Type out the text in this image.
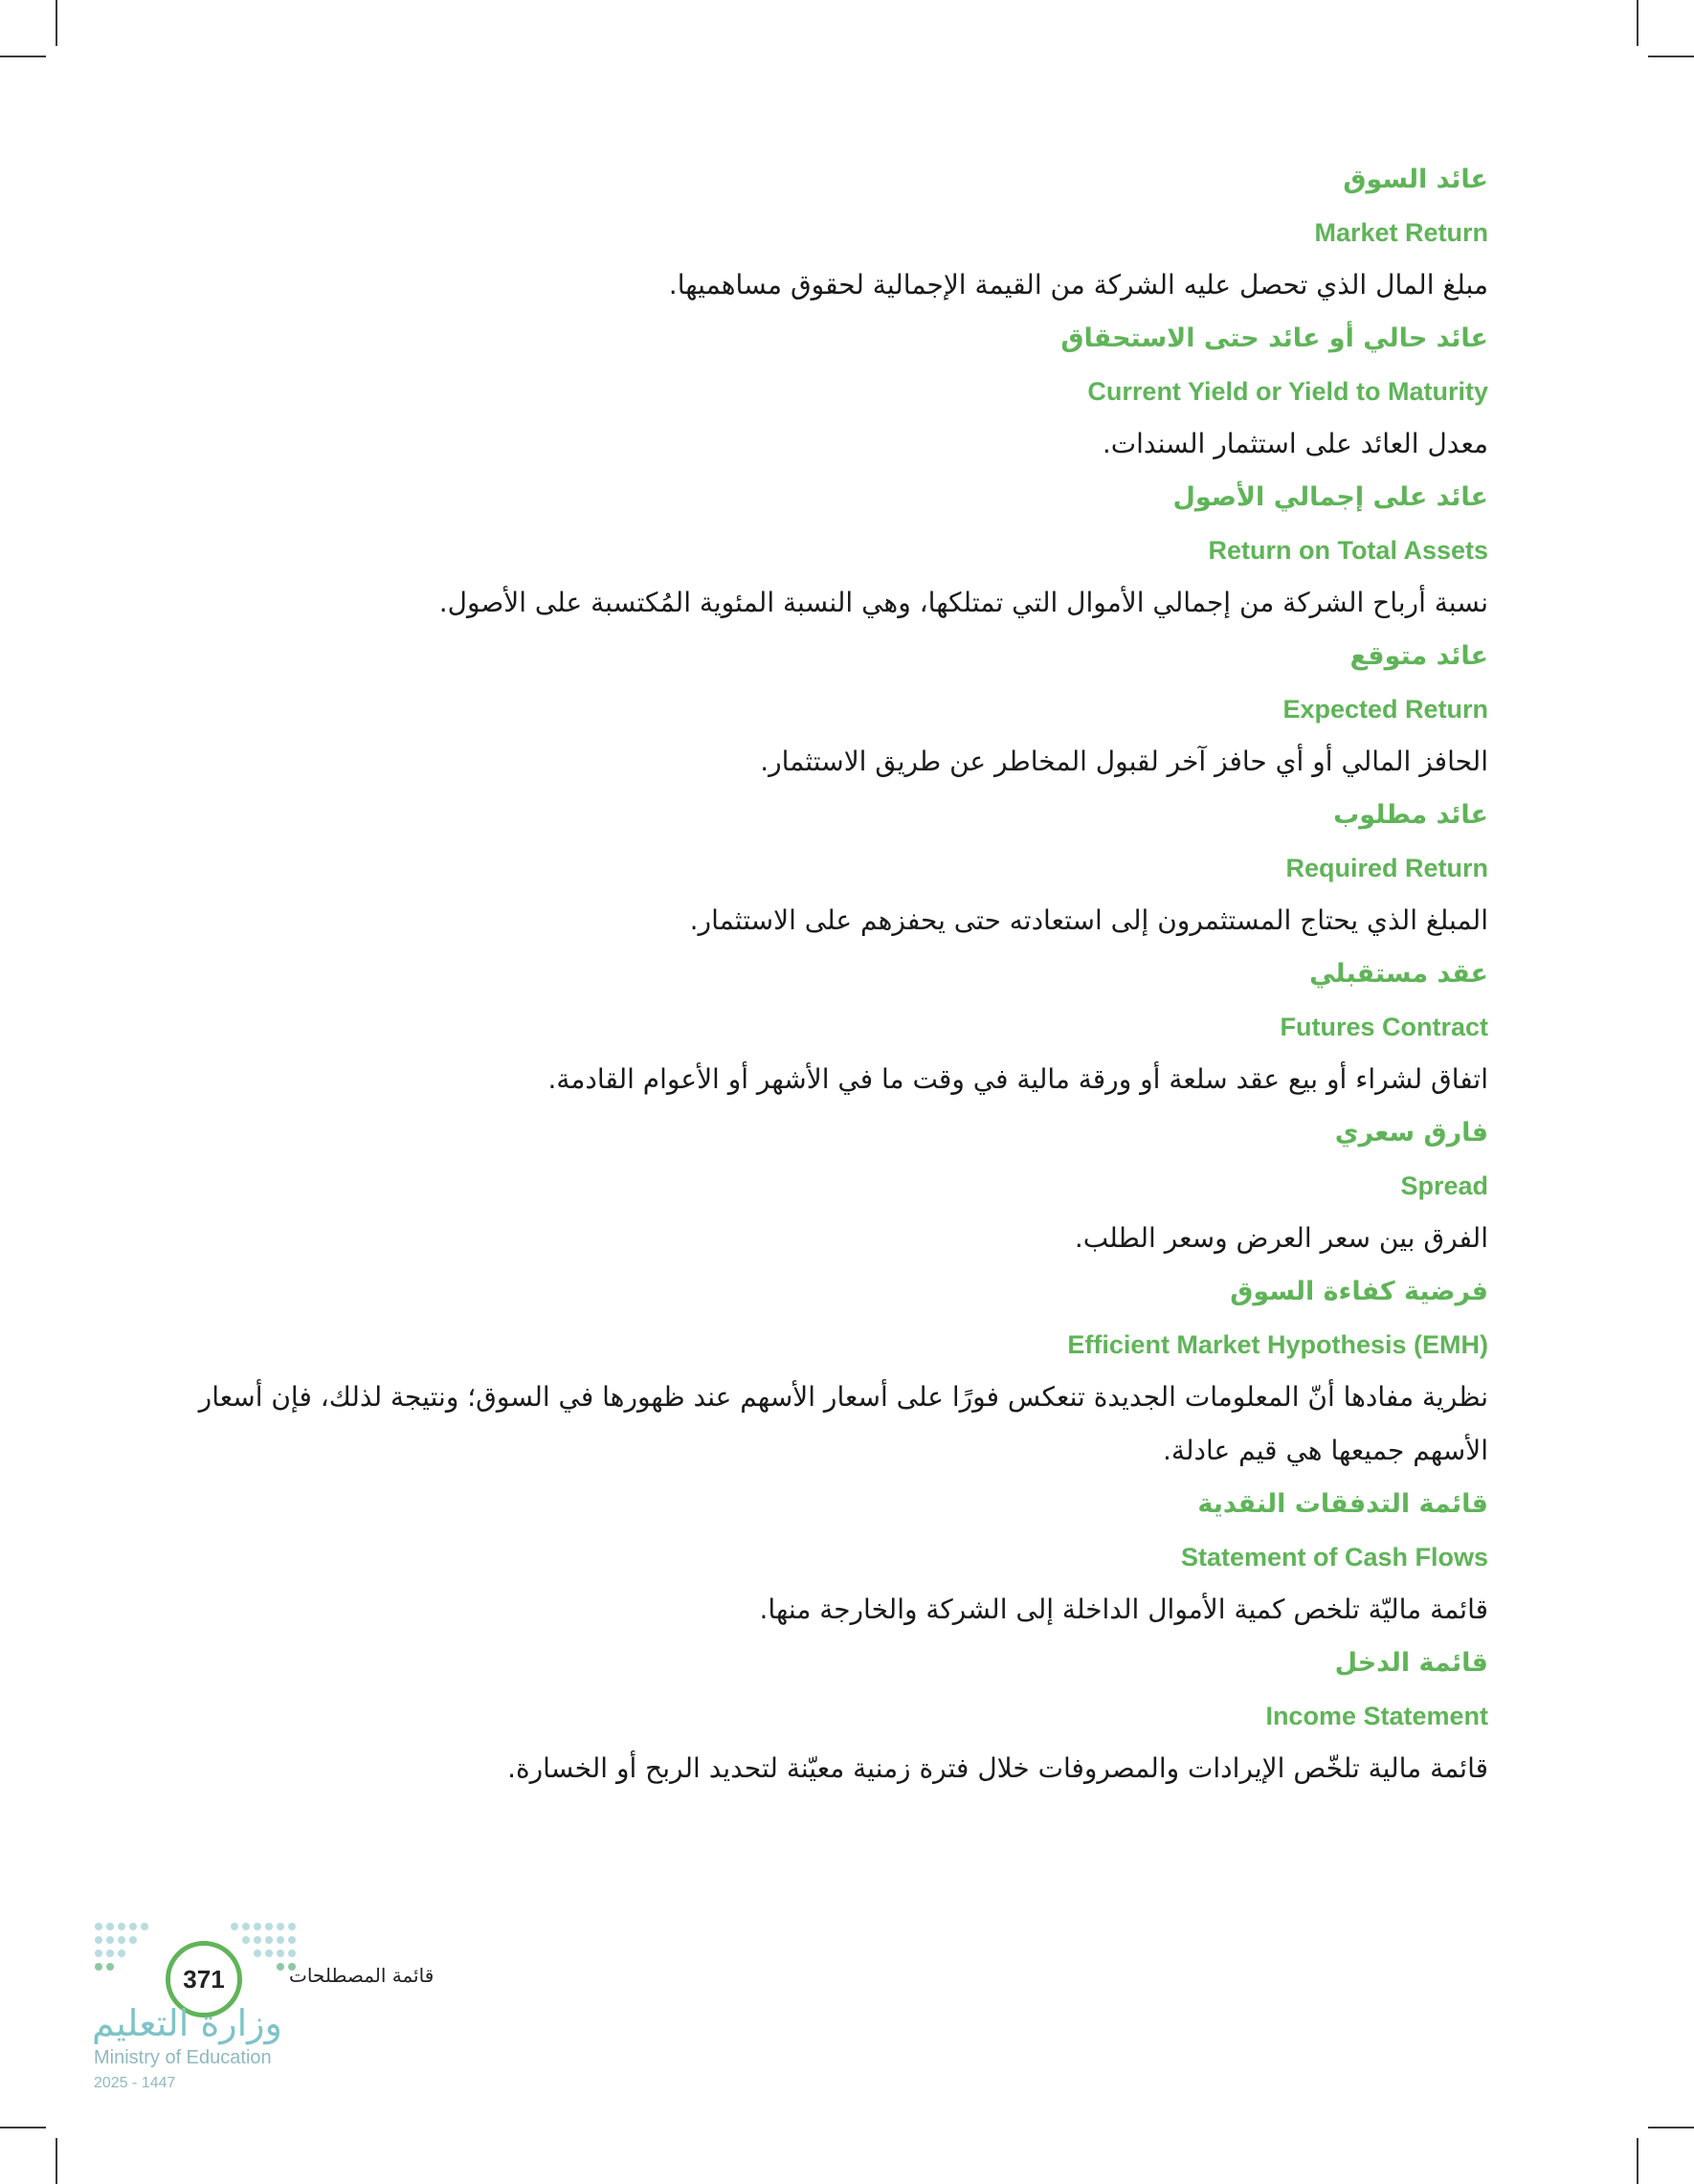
عائد السوق
Market Return
مبلغ المال الذي تحصل عليه الشركة من القيمة الإجمالية لحقوق مساهميها.
عائد حالي أو عائد حتى الاستحقاق
Current Yield or Yield to Maturity
معدل العائد على استثمار السندات.
عائد على إجمالي الأصول
Return on Total Assets
نسبة أرباح الشركة من إجمالي الأموال التي تمتلكها، وهي النسبة المئوية المُكتسبة على الأصول.
عائد متوقع
Expected Return
الحافز المالي أو أي حافز آخر لقبول المخاطر عن طريق الاستثمار.
عائد مطلوب
Required Return
المبلغ الذي يحتاج المستثمرون إلى استعادته حتى يحفزهم على الاستثمار.
عقد مستقبلي
Futures Contract
اتفاق لشراء أو بيع عقد سلعة أو ورقة مالية في وقت ما في الأشهر أو الأعوام القادمة.
فارق سعري
Spread
الفرق بين سعر العرض وسعر الطلب.
فرضية كفاءة السوق
Efficient Market Hypothesis (EMH)
نظرية مفادها أنّ المعلومات الجديدة تنعكس فورًا على أسعار الأسهم عند ظهورها في السوق؛ ونتيجة لذلك، فإن أسعار الأسهم جميعها هي قيم عادلة.
قائمة التدفقات النقدية
Statement of Cash Flows
قائمة ماليّة تلخص كمية الأموال الداخلة إلى الشركة والخارجة منها.
قائمة الدخل
Income Statement
قائمة مالية تلخّص الإيرادات والمصروفات خلال فترة زمنية معيّنة لتحديد الربح أو الخسارة.
371	قائمة المصطلحات
وزارة التعليم
Ministry of Education
2025 - 1447
